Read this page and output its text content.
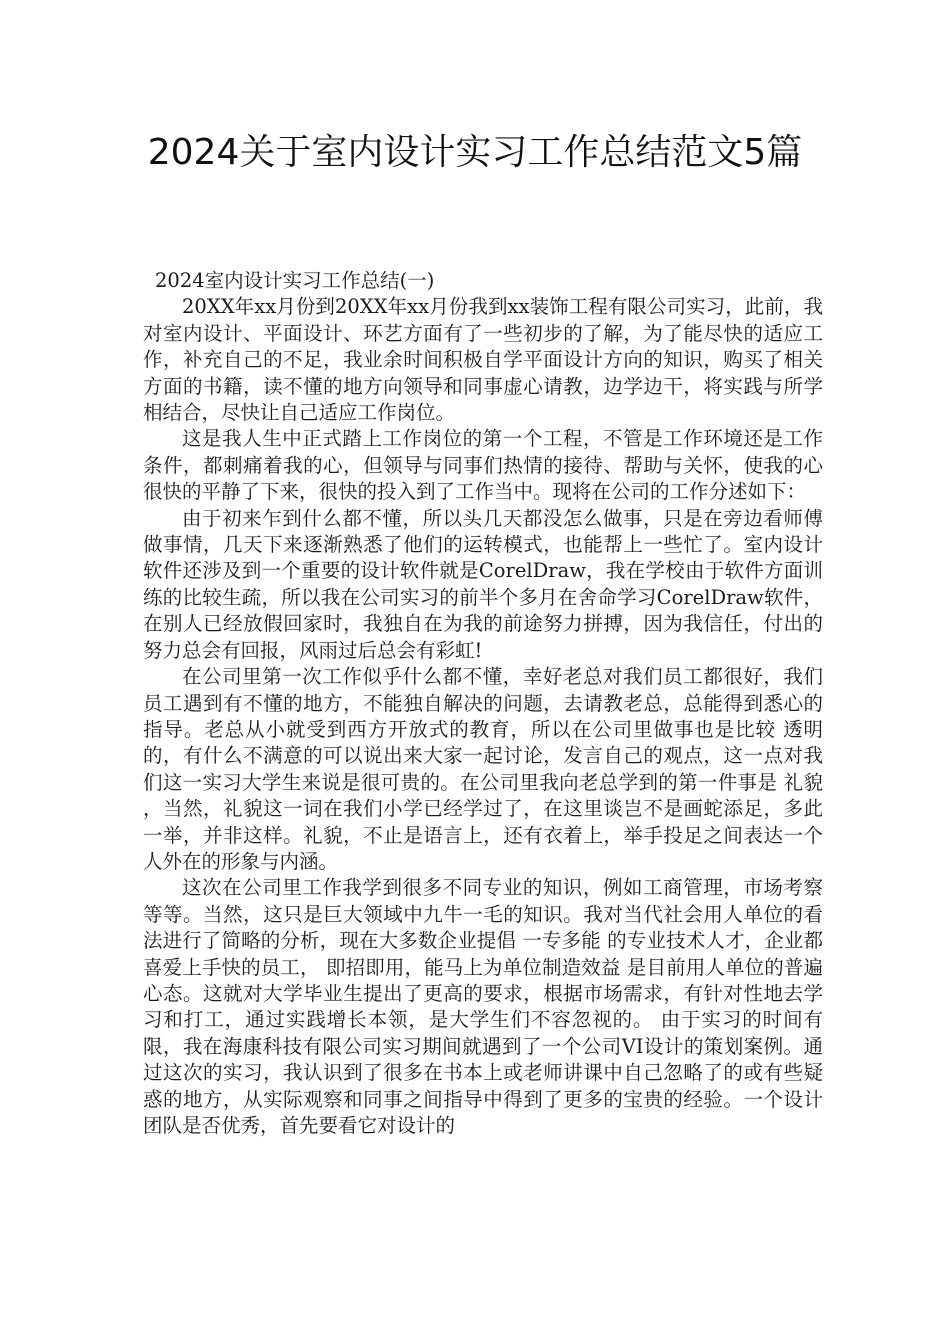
2024关于室内设计实习工作总结范文5篇

2024室内设计实习工作总结(一)

20XX年xx月份到20XX年xx月份我到xx装饰工程有限公司实习，此前，我对室内设计、平面设计、环艺方面有了一些初步的了解，为了能尽快的适应工作，补充自己的不足，我业余时间积极自学平面设计方向的知识，购买了相关方面的书籍，读不懂的地方向领导和同事虚心请教，边学边干，将实践与所学相结合，尽快让自己适应工作岗位。

这是我人生中正式踏上工作岗位的第一个工程，不管是工作环境还是工作条件，都刺痛着我的心，但领导与同事们热情的接待、帮助与关怀，使我的心很快的平静了下来，很快的投入到了工作当中。现将在公司的工作分述如下：

由于初来乍到什么都不懂，所以头几天都没怎么做事，只是在旁边看师傅做事情，几天下来逐渐熟悉了他们的运转模式，也能帮上一些忙了。室内设计软件还涉及到一个重要的设计软件就是CorelDraw，我在学校由于软件方面训练的比较生疏，所以我在公司实习的前半个多月在舍命学习CorelDraw软件，在别人已经放假回家时，我独自在为我的前途努力拼搏，因为我信任，付出的努力总会有回报，风雨过后总会有彩虹!

在公司里第一次工作似乎什么都不懂，幸好老总对我们员工都很好，我们员工遇到有不懂的地方，不能独自解决的问题，去请教老总，总能得到悉心的指导。老总从小就受到西方开放式的教育，所以在公司里做事也是比较 透明 的，有什么不满意的可以说出来大家一起讨论，发言自己的观点，这一点对我们这一实习大学生来说是很可贵的。在公司里我向老总学到的第一件事是 礼貌 ，当然，礼貌这一词在我们小学已经学过了，在这里谈岂不是画蛇添足，多此一举，并非这样。礼貌，不止是语言上，还有衣着上，举手投足之间表达一个人外在的形象与内涵。

这次在公司里工作我学到很多不同专业的知识，例如工商管理，市场考察等等。当然，这只是巨大领域中九牛一毛的知识。我对当代社会用人单位的看法进行了简略的分析，现在大多数企业提倡 一专多能 的专业技术人才，企业都喜爱上手快的员工， 即招即用，能马上为单位制造效益 是目前用人单位的普遍心态。这就对大学毕业生提出了更高的要求，根据市场需求，有针对性地去学习和打工，通过实践增长本领，是大学生们不容忽视的。 由于实习的时间有限，我在海康科技有限公司实习期间就遇到了一个公司VI设计的策划案例。通过这次的实习，我认识到了很多在书本上或老师讲课中自己忽略了的或有些疑惑的地方，从实际观察和同事之间指导中得到了更多的宝贵的经验。一个设计团队是否优秀，首先要看它对设计的
